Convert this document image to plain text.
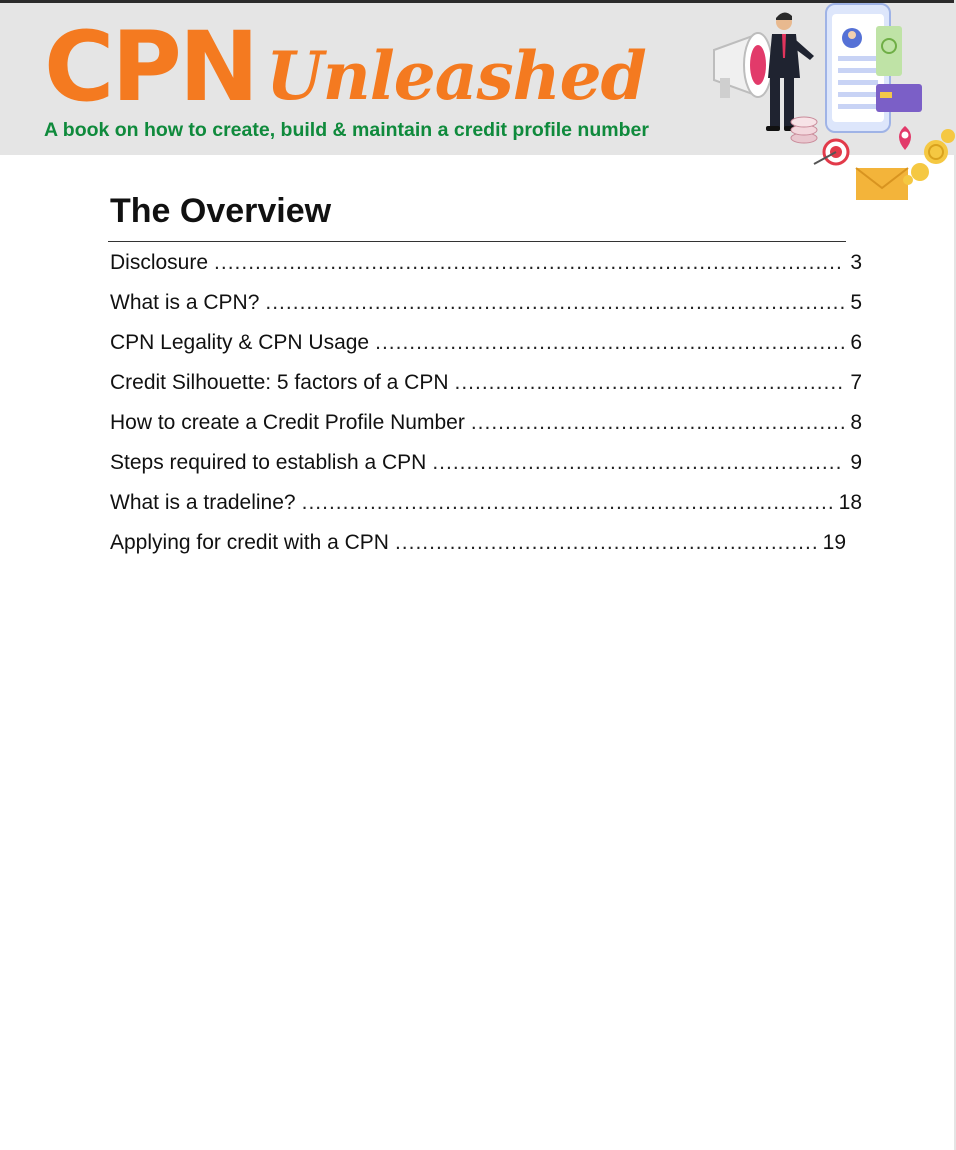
CPN Unleashed
A book on how to create, build & maintain a credit profile number
The Overview
Disclosure .....	3
What is a CPN? .....	5
CPN Legality & CPN Usage .....	6
Credit Silhouette: 5 factors of a CPN .....	7
How to create a Credit Profile Number .....	8
Steps required to establish a CPN .....	9
What is a tradeline? .....	18
Applying for credit with a CPN .....	19
